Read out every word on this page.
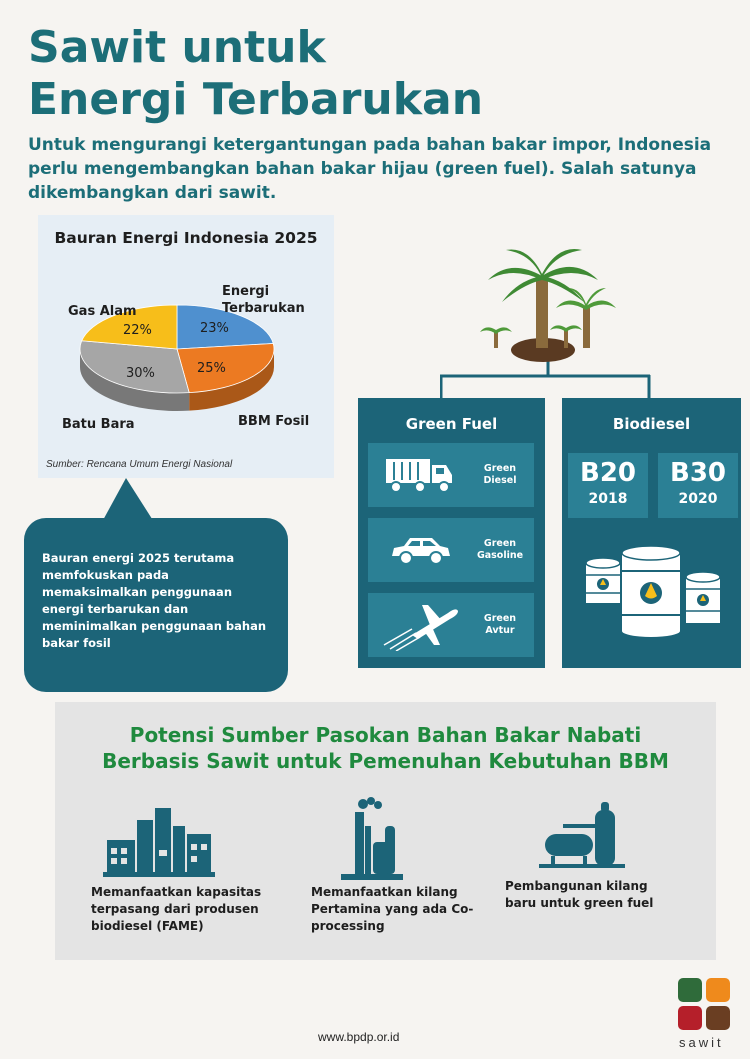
Sawit untuk
Energi Terbarukan

Untuk mengurangi ketergantungan pada bahan bakar impor, Indonesia perlu mengembangkan bahan bakar hijau (green fuel). Salah satunya dikembangkan dari sawit.

Bauran Energi Indonesia 2025

Gas Alam
Energi
Terbarukan
BBM Fosil
Batu Bara
23%
25%
30%
22%
Sumber: Rencana Umum Energi Nasional

Bauran energi 2025 terutama memfokuskan pada memaksimalkan penggunaan energi terbarukan dan meminimalkan penggunaan bahan bakar fosil

Green Fuel

Green
Diesel
Green
Gasoline
Green
Avtur

Biodiesel

B20
2018
B30
2020

Potensi Sumber Pasokan Bahan Bakar Nabati

Berbasis Sawit untuk Pemenuhan Kebutuhan BBM

Memanfaatkan kapasitas terpasang dari produsen biodiesel (FAME)

Memanfaatkan kilang Pertamina yang ada Co-processing

Pembangunan kilang baru untuk green fuel

www.bpdp.or.id	sawit
